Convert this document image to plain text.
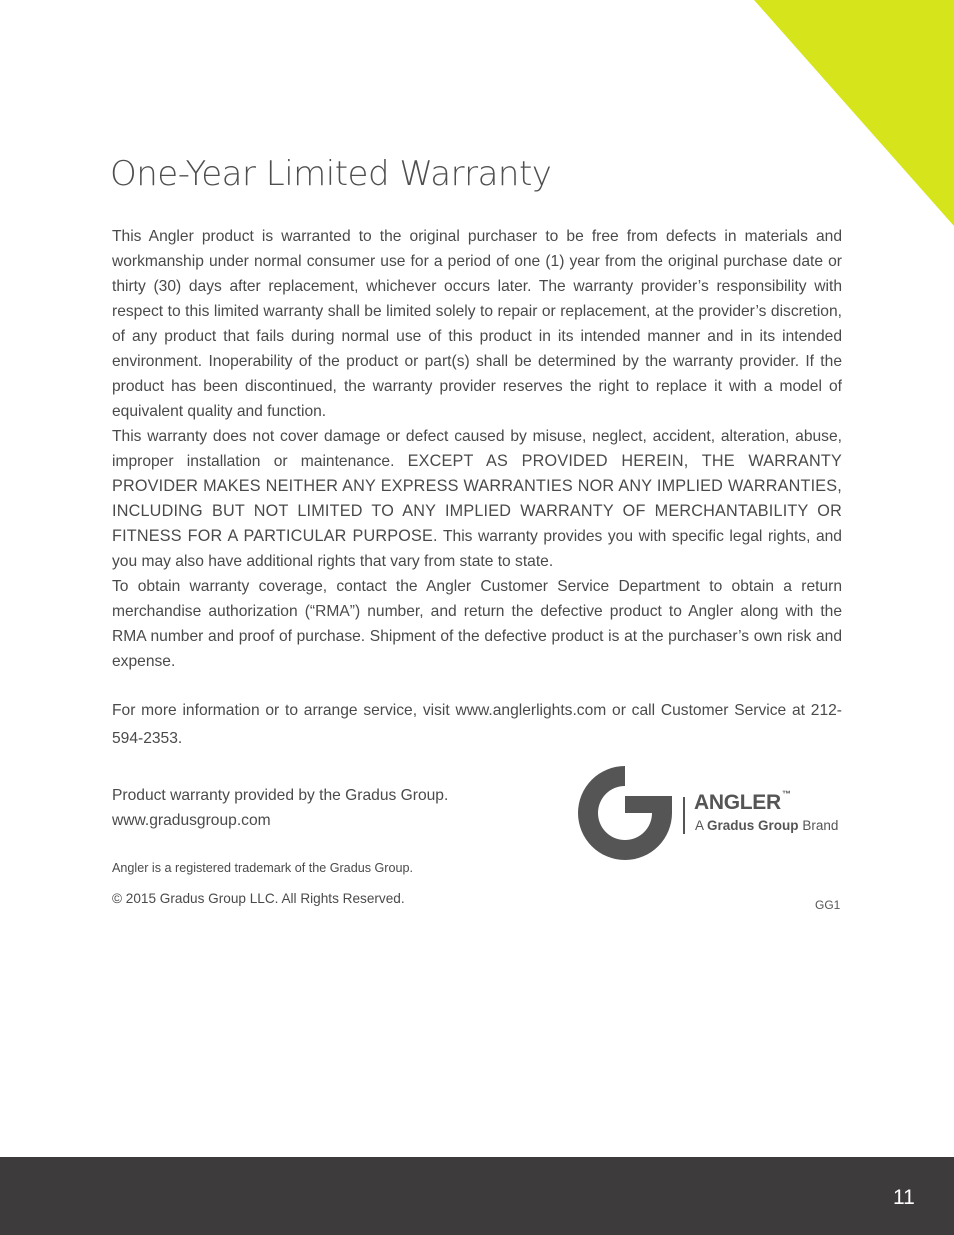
One-Year Limited Warranty

This Angler product is warranted to the original purchaser to be free from defects in materials and workmanship under normal consumer use for a period of one (1) year from the original purchase date or thirty (30) days after replacement, whichever occurs later. The warranty provider’s responsibility with respect to this limited warranty shall be limited solely to repair or replacement, at the provider’s discretion, of any product that fails during normal use of this product in its intended manner and in its intended environment. Inoperability of the product or part(s) shall be determined by the warranty provider. If the product has been discontinued, the warranty provider reserves the right to replace it with a model of equivalent quality and function.

This warranty does not cover damage or defect caused by misuse, neglect, accident, alteration, abuse, improper installation or maintenance. EXCEPT AS PROVIDED HEREIN, THE WARRANTY PROVIDER MAKES NEITHER ANY EXPRESS WARRANTIES NOR ANY IMPLIED WARRANTIES, INCLUDING BUT NOT LIMITED TO ANY IMPLIED WARRANTY OF MERCHANTABILITY OR FITNESS FOR A PARTICULAR PURPOSE. This warranty provides you with specific legal rights, and you may also have additional rights that vary from state to state.

To obtain warranty coverage, contact the Angler Customer Service Department to obtain a return merchandise authorization (“RMA”) number, and return the defective product to Angler along with the RMA number and proof of purchase. Shipment of the defective product is at the purchaser’s own risk and expense.

For more information or to arrange service, visit www.anglerlights.com or call Customer Service at 212-594-2353.
Product warranty provided by the Gradus Group.
www.gradusgroup.com
Angler is a registered trademark of the Gradus Group.
© 2015 Gradus Group LLC. All Rights Reserved.
ANGLER ™
A Gradus Group Brand
GG1
11
